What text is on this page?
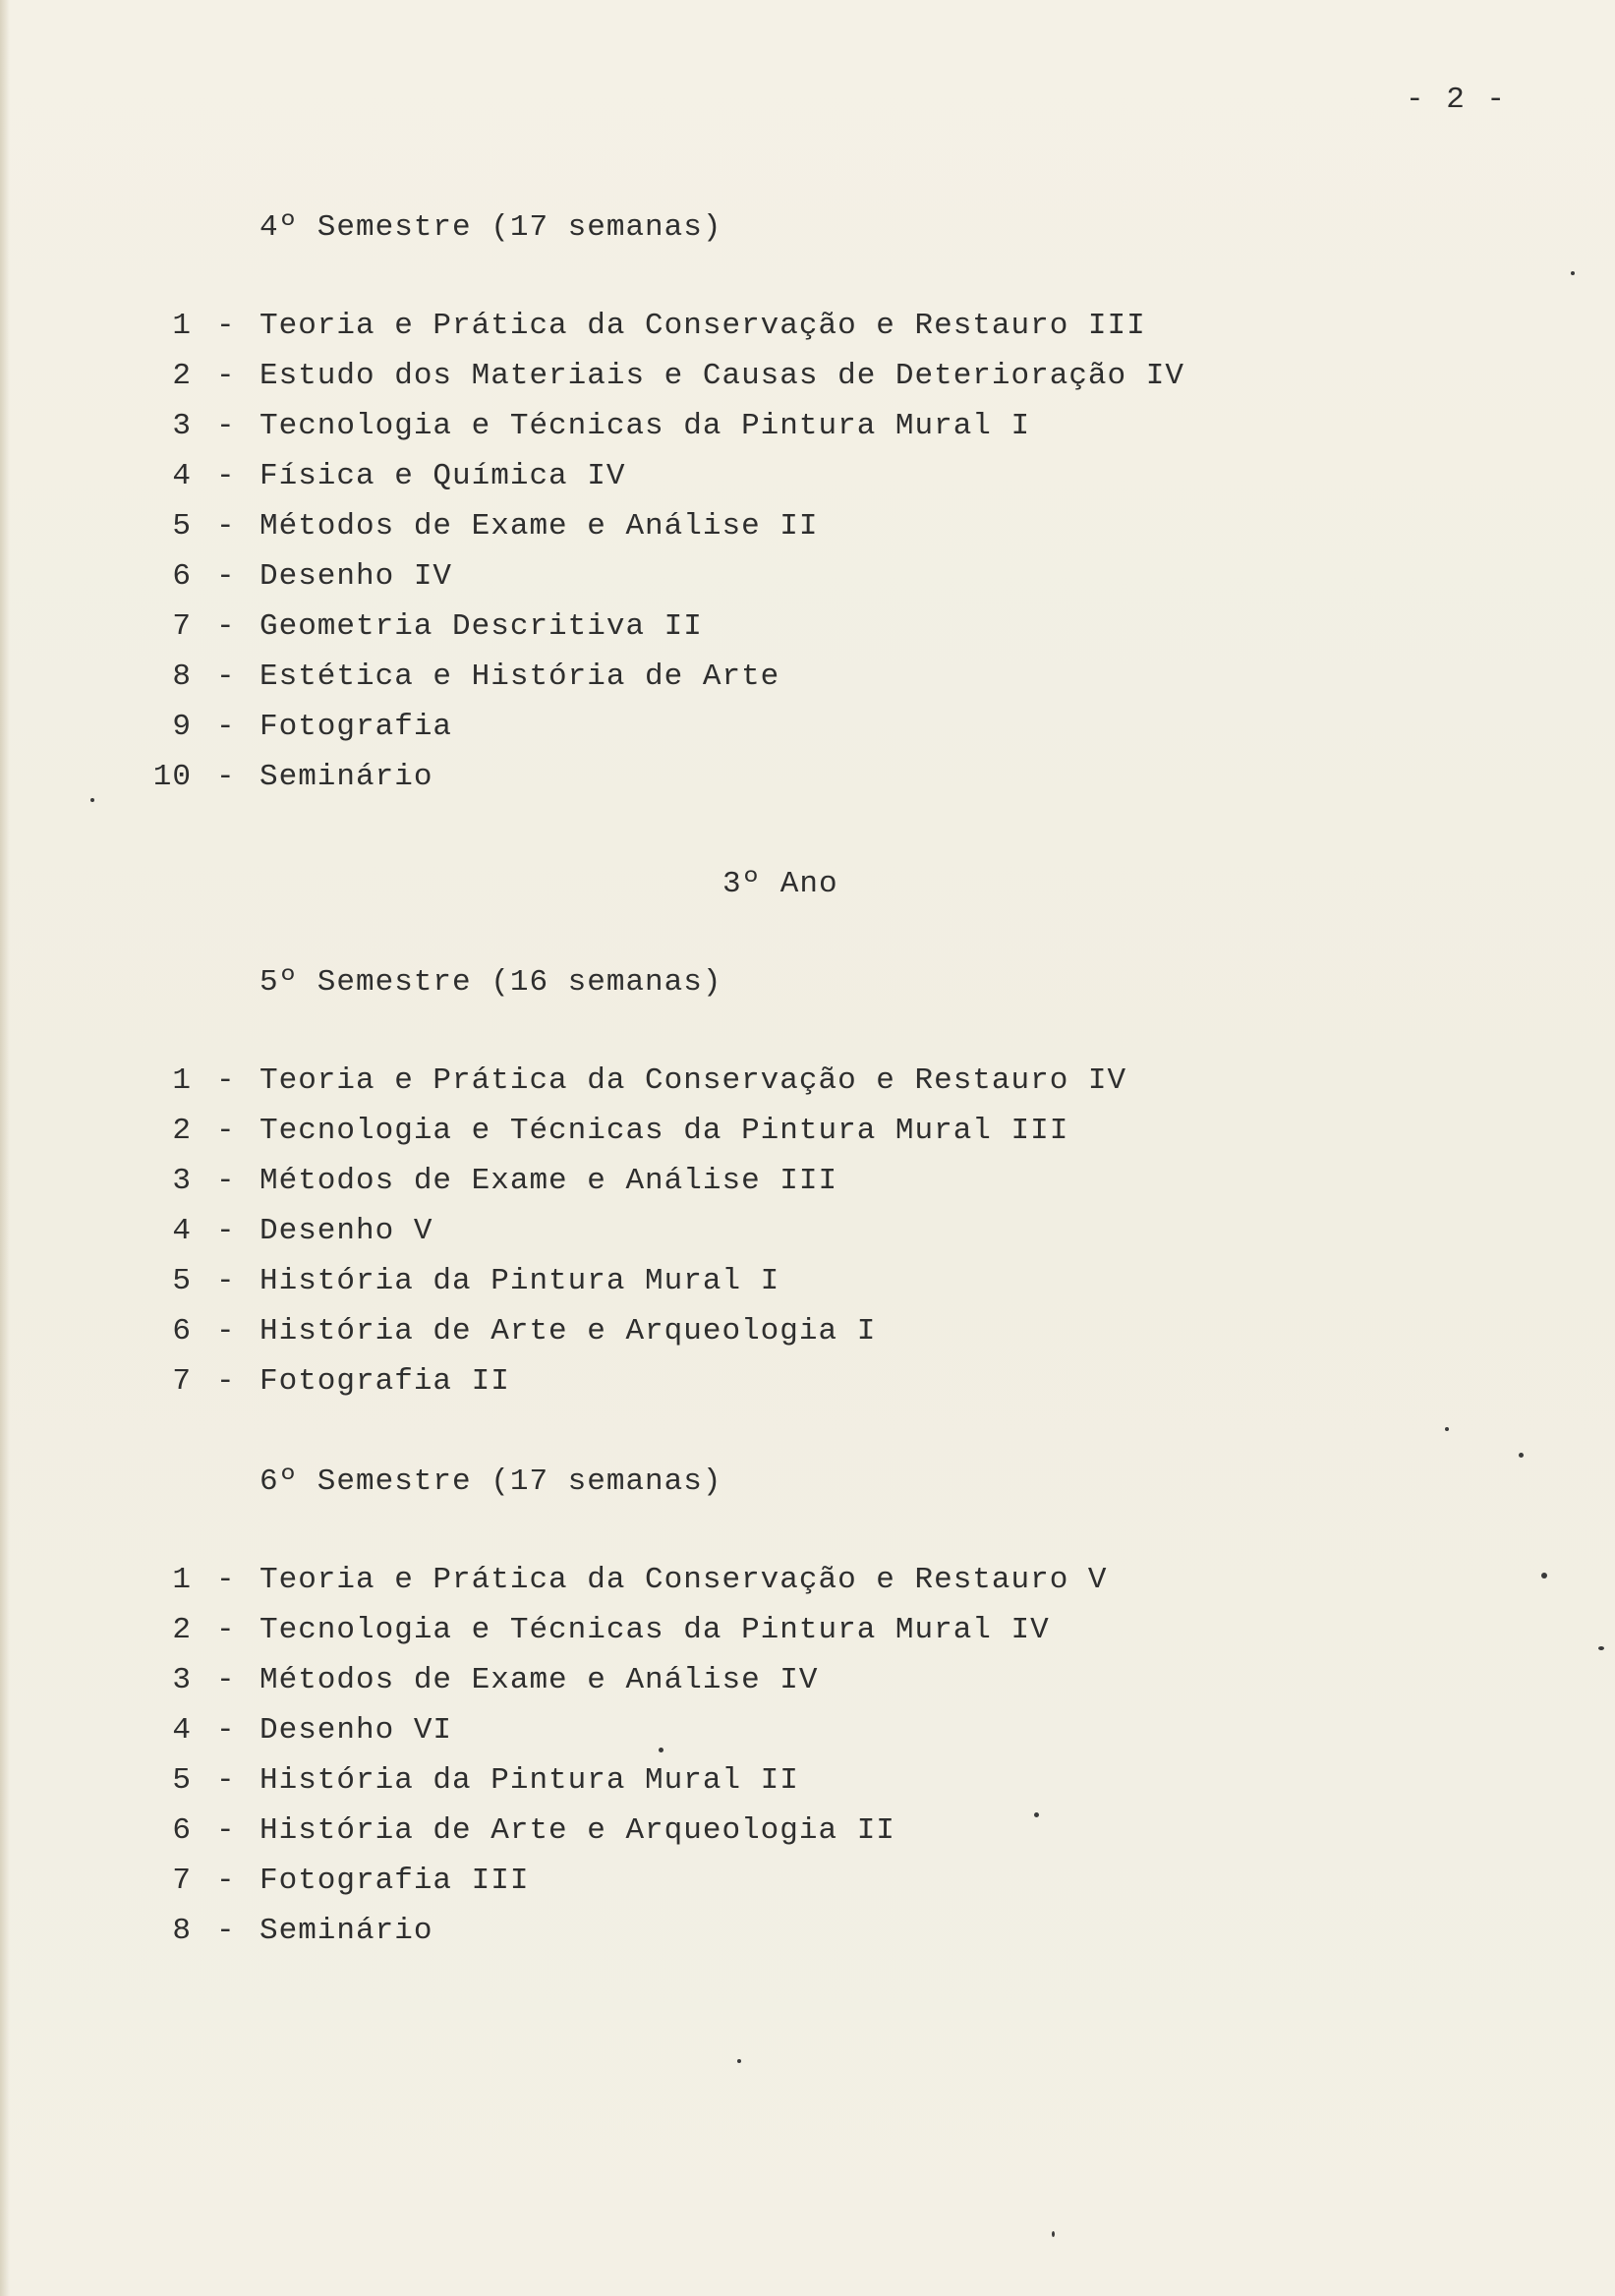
- 2 -
4º Semestre (17 semanas)
1 - Teoria e Prática da Conservação e Restauro III
2 - Estudo dos Materiais e Causas de Deterioração IV
3 - Tecnologia e Técnicas da Pintura Mural I
4 - Física e Química IV
5 - Métodos de Exame e Análise II
6 - Desenho IV
7 - Geometria Descritiva II
8 - Estética e História de Arte
9 - Fotografia
10 - Seminário
3º Ano
5º Semestre (16 semanas)
1 - Teoria e Prática da Conservação e Restauro IV
2 - Tecnologia e Técnicas da Pintura Mural III
3 - Métodos de Exame e Análise III
4 - Desenho V
5 - História da Pintura Mural I
6 - História de Arte e Arqueologia I
7 - Fotografia II
6º Semestre (17 semanas)
1 - Teoria e Prática da Conservação e Restauro V
2 - Tecnologia e Técnicas da Pintura Mural IV
3 - Métodos de Exame e Análise IV
4 - Desenho VI
5 - História da Pintura Mural II
6 - História de Arte e Arqueologia II
7 - Fotografia III
8 - Seminário
